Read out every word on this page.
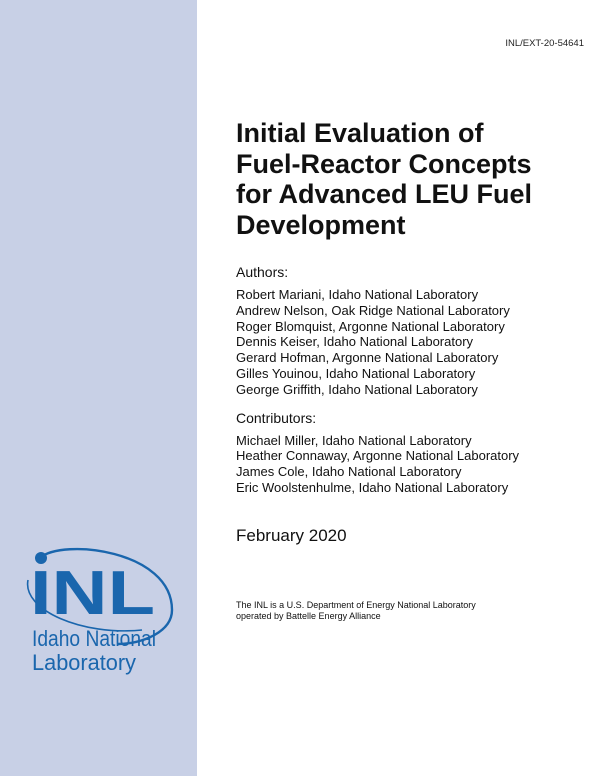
INL
Idaho National
Laboratory
INL/EXT-20-54641
Initial Evaluation of
Fuel-Reactor Concepts
for Advanced LEU Fuel
Development
Authors:
Robert Mariani, Idaho National Laboratory
Andrew Nelson, Oak Ridge National Laboratory
Roger Blomquist, Argonne National Laboratory
Dennis Keiser, Idaho National Laboratory
Gerard Hofman, Argonne National Laboratory
Gilles Youinou, Idaho National Laboratory
George Griffith, Idaho National Laboratory
Contributors:
Michael Miller, Idaho National Laboratory
Heather Connaway, Argonne National Laboratory
James Cole, Idaho National Laboratory
Eric Woolstenhulme, Idaho National Laboratory
February 2020
The INL is a U.S. Department of Energy National Laboratory
operated by Battelle Energy Alliance
